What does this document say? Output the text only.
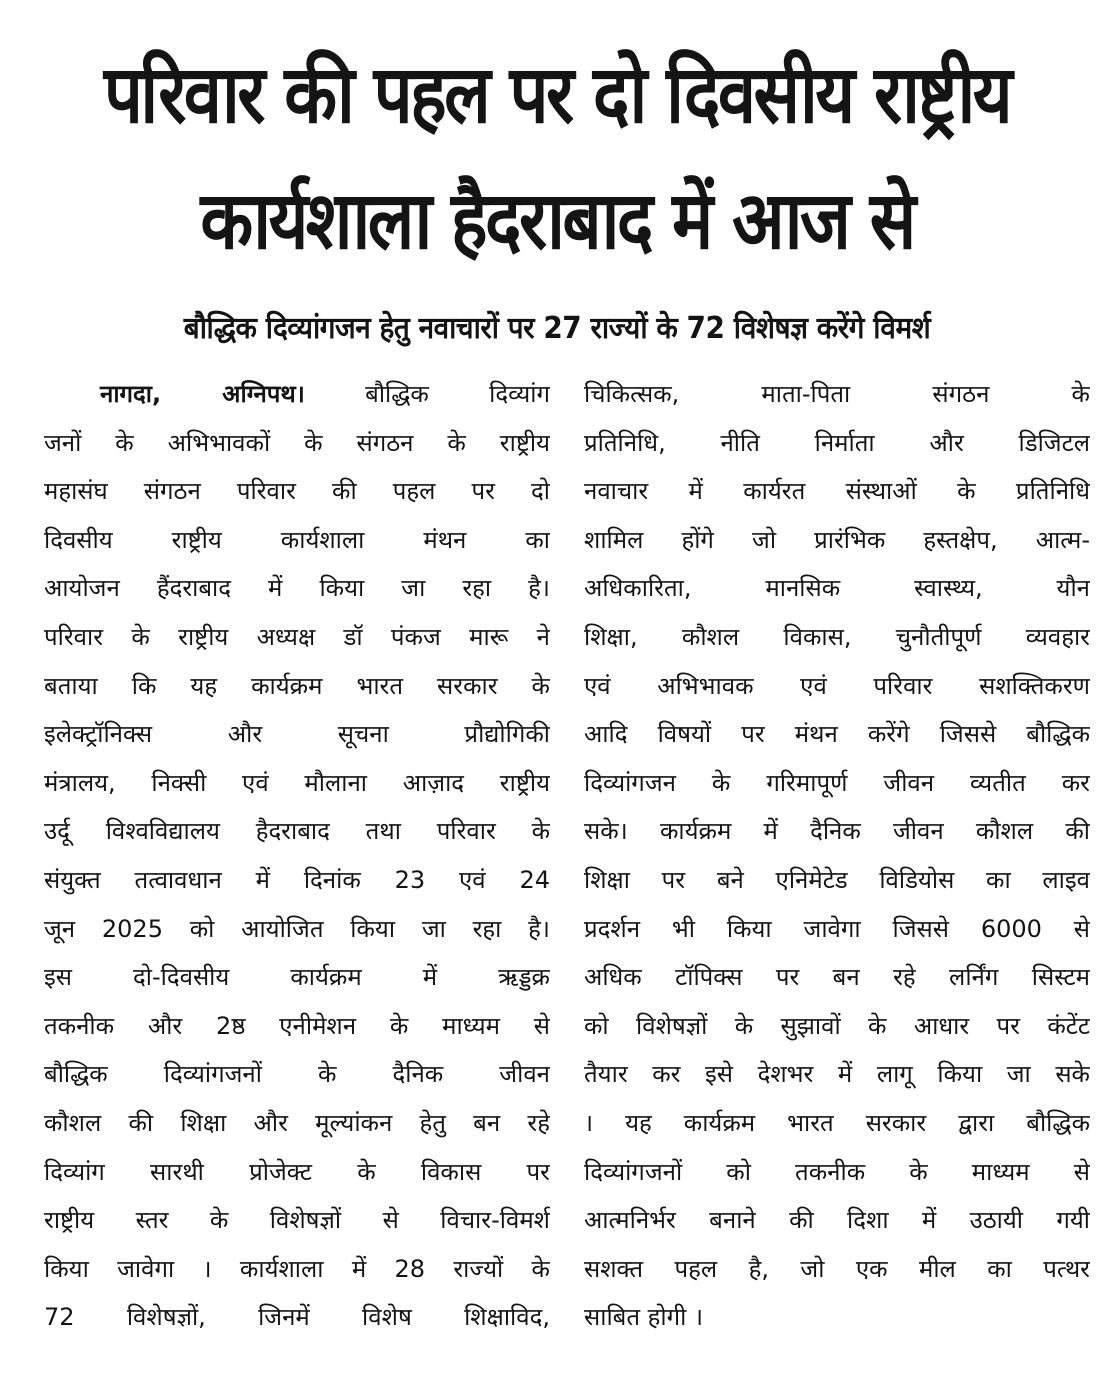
परिवार की पहल पर दो दिवसीय राष्ट्रीय
कार्यशाला हैदराबाद में आज से
बौद्धिक दिव्यांगजन हेतु नवाचारों पर 27 राज्यों के 72 विशेषज्ञ करेंगे विमर्श
नागदा, अग्निपथ।	बौद्धिक दिव्यांग
जनों के अभिभावकों के संगठन के राष्ट्रीय
महासंघ संगठन परिवार की पहल पर दो
दिवसीय राष्ट्रीय कार्यशाला मंथन का
आयोजन हैंदराबाद में किया जा रहा है।
परिवार के राष्ट्रीय अध्यक्ष डॉ पंकज मारू ने
बताया कि यह कार्यक्रम भारत सरकार के
इलेक्ट्रॉनिक्स और सूचना प्रौद्योगिकी
मंत्रालय, निक्सी एवं मौलाना आज़ाद राष्ट्रीय
उर्दू विश्वविद्यालय हैदराबाद तथा परिवार के
संयुक्त तत्वावधान में दिनांक 23 एवं 24
जून 2025 को आयोजित किया जा रहा है।
इस दो-दिवसीय कार्यक्रम में ऋड्डक्र
तकनीक और 2ष्ठ एनीमेशन के माध्यम से
बौद्धिक दिव्यांगजनों के दैनिक जीवन
कौशल की शिक्षा और मूल्यांकन हेतु बन रहे
दिव्यांग सारथी प्रोजेक्ट के विकास पर
राष्ट्रीय स्तर के विशेषज्ञों से विचार-विमर्श
किया जावेगा । कार्यशाला में 28 राज्यों के
72 विशेषज्ञों, जिनमें विशेष शिक्षाविद,
चिकित्सक, माता-पिता संगठन के
प्रतिनिधि, नीति निर्माता और डिजिटल
नवाचार में कार्यरत संस्थाओं के प्रतिनिधि
शामिल होंगे जो प्रारंभिक हस्तक्षेप, आत्म-
अधिकारिता, मानसिक स्वास्थ्य, यौन
शिक्षा, कौशल विकास, चुनौतीपूर्ण व्यवहार
एवं अभिभावक एवं परिवार सशक्तिकरण
आदि विषयों पर मंथन करेंगे जिससे बौद्धिक
दिव्यांगजन के गरिमापूर्ण जीवन व्यतीत कर
सके। कार्यक्रम में दैनिक जीवन कौशल की
शिक्षा पर बने एनिमेटेड विडियोस का लाइव
प्रदर्शन भी किया जावेगा जिससे 6000 से
अधिक टॉपिक्स पर बन रहे लर्निंग सिस्टम
को विशेषज्ञों के सुझावों के आधार पर कंटेंट
तैयार कर इसे देशभर में लागू किया जा सके
। यह कार्यक्रम भारत सरकार द्वारा बौद्धिक
दिव्यांगजनों को तकनीक के माध्यम से
आत्मनिर्भर बनाने की दिशा में उठायी गयी
सशक्त पहल है, जो एक मील का पत्थर
साबित होगी ।
